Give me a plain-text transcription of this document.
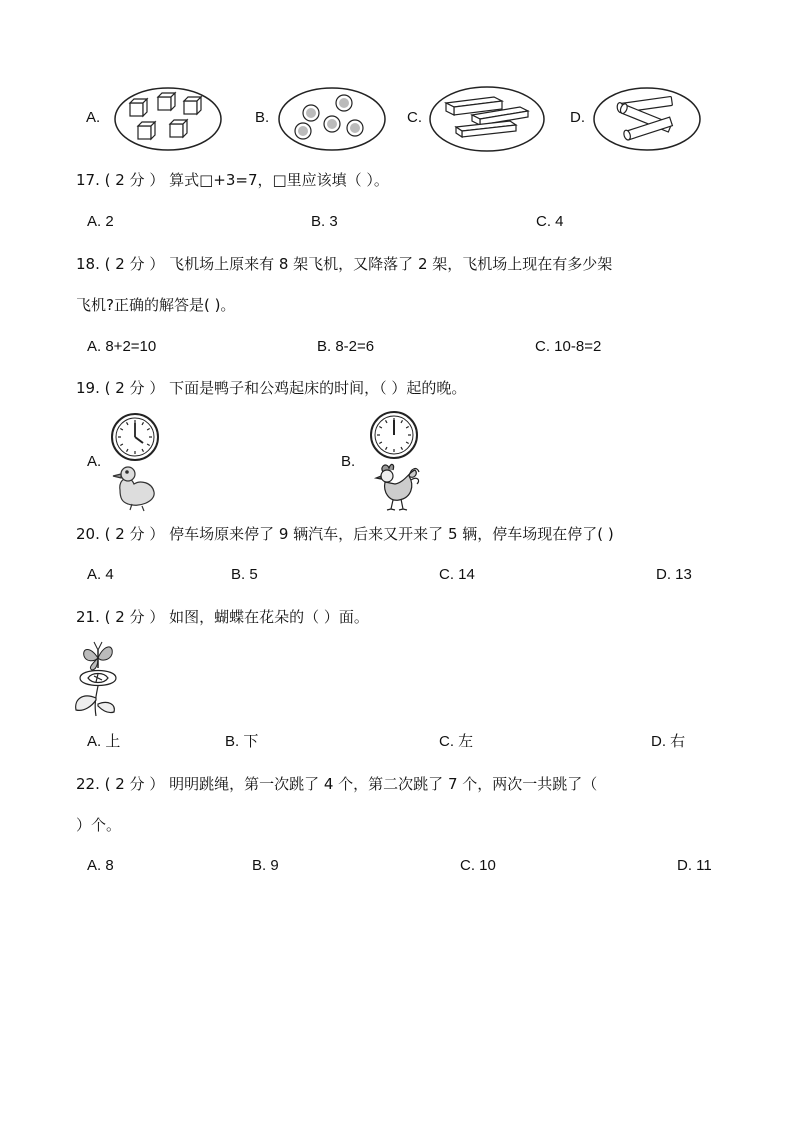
A.	B.	C.	D.
17. ( 2 分 ） 算式□+3=7，□里应该填（ ）。
A. 2	B. 3	C. 4
18. ( 2 分 ） 飞机场上原来有 8 架飞机，又降落了 2 架，飞机场上现在有多少架
飞机?正确的解答是( )。
A. 8+2=10	B. 8-2=6	C. 10-8=2
19. ( 2 分 ） 下面是鸭子和公鸡起床的时间，（ ）起的晚。
A.	B.
20. ( 2 分 ） 停车场原来停了 9 辆汽车，后来又开来了 5 辆，停车场现在停了( )
A. 4	B. 5	C. 14	D. 13
21. ( 2 分 ） 如图，蝴蝶在花朵的（ ）面。
A. 上	B. 下	C. 左	D. 右
22. ( 2 分 ） 明明跳绳，第一次跳了 4 个，第二次跳了 7 个，两次一共跳了（
）个。
A. 8	B. 9	C. 10	D. 11
